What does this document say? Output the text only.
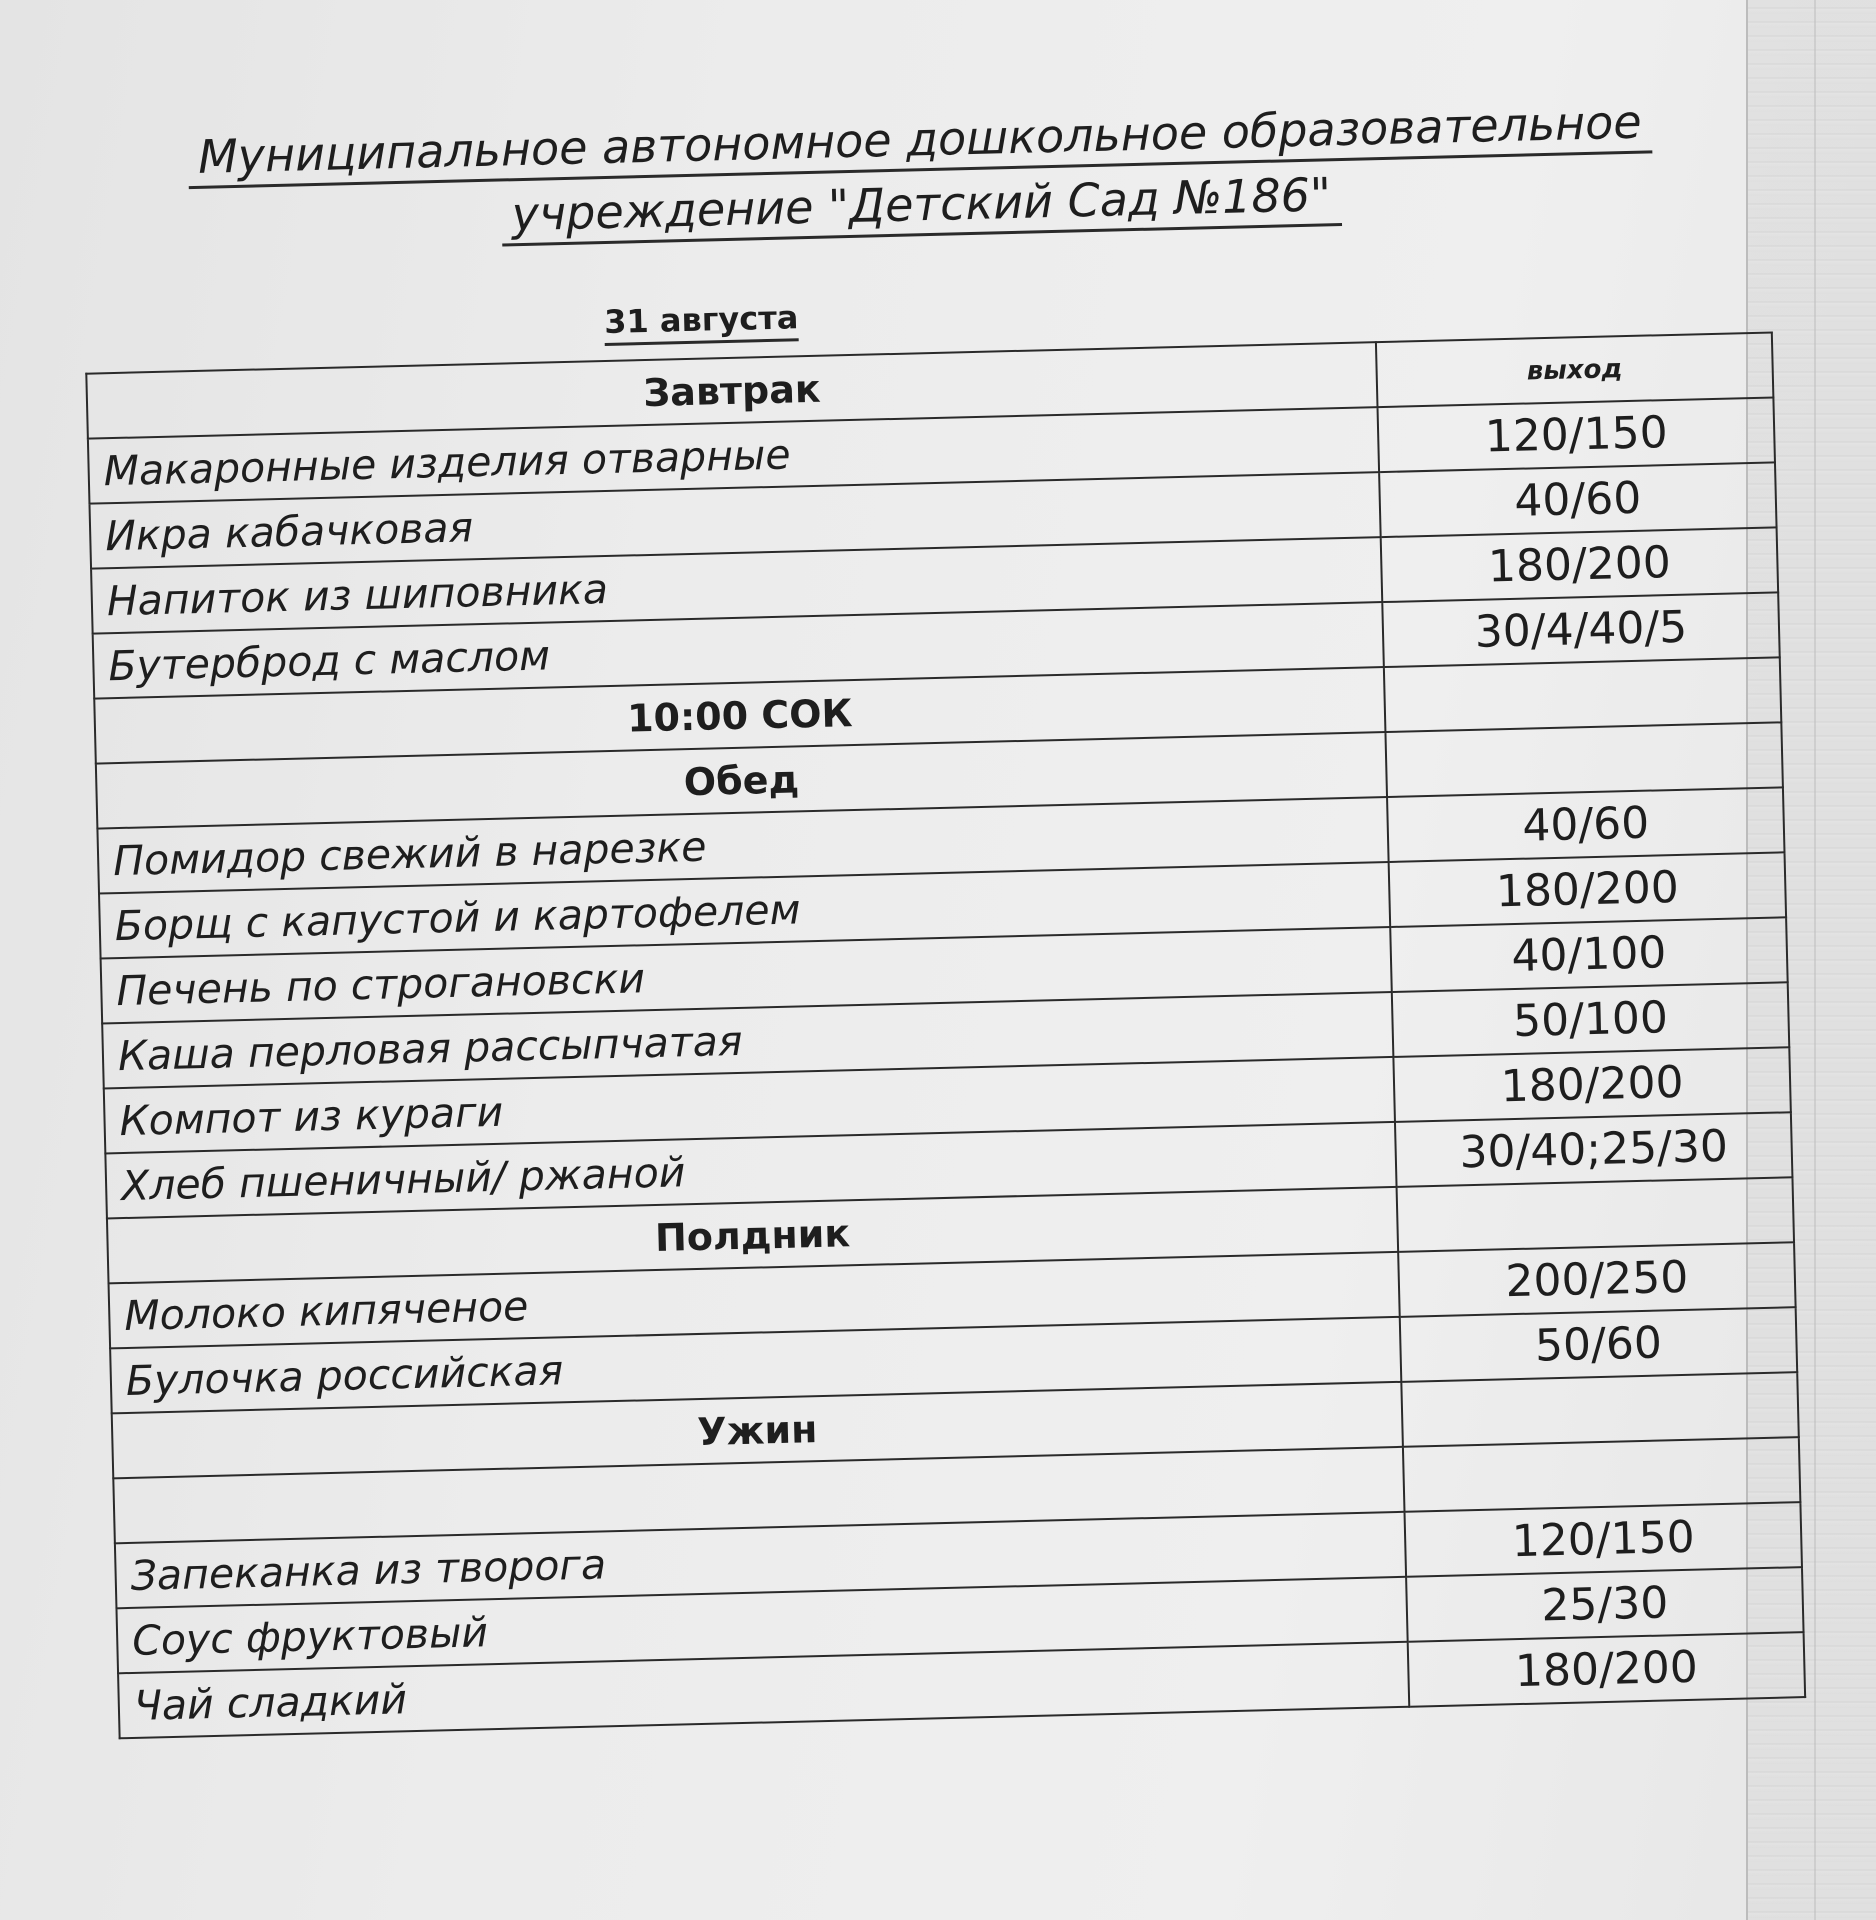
Муниципальное автономное дошкольное образовательное
учреждение "Детский Сад №186"
31 августа
Завтрак	выход
Макаронные изделия отварные	120/150
Икра кабачковая	40/60
Напиток из шиповника	180/200
Бутерброд с маслом	30/4/40/5
10:00 СОК	
Обед	
Помидор свежий в нарезке	40/60
Борщ с капустой и картофелем	180/200
Печень по строгановски	40/100
Каша перловая рассыпчатая	50/100
Компот из кураги	180/200
Хлеб пшеничный/ ржаной	30/40;25/30
Полдник	
Молоко кипяченое	200/250
Булочка российская	50/60
Ужин	

Запеканка из творога	120/150
Соус фруктовый	25/30
Чай сладкий	180/200
